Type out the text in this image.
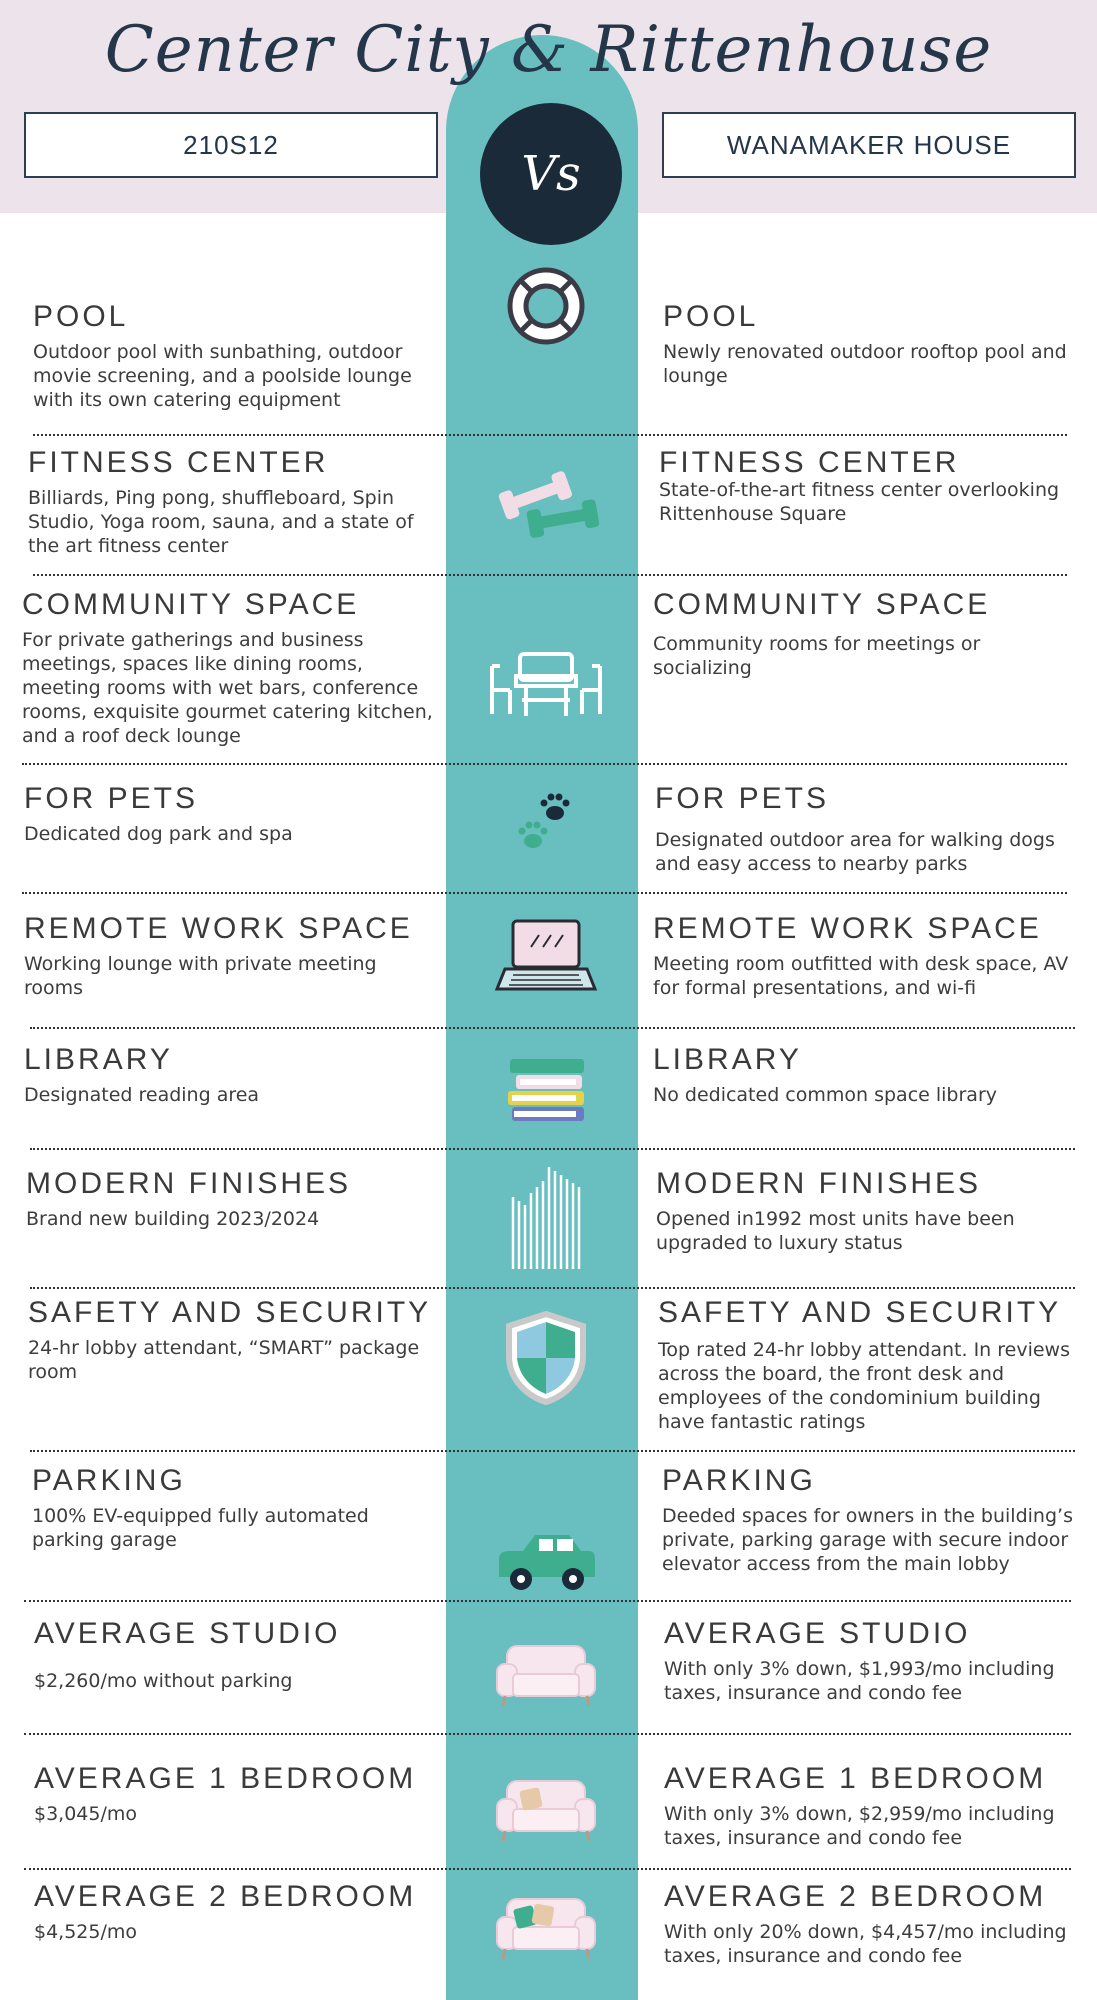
Center City & Rittenhouse
210S12	WANAMAKER HOUSE
Vs
POOL
Outdoor pool with sunbathing, outdoor movie screening, and a poolside lounge with its own catering equipment
POOL
Newly renovated outdoor rooftop pool and lounge
FITNESS CENTER
Billiards, Ping pong, shuffleboard, Spin Studio, Yoga room, sauna, and a state of the art fitness center
FITNESS CENTER
State-of-the-art fitness center overlooking Rittenhouse Square
COMMUNITY SPACE
For private gatherings and business meetings, spaces like dining rooms, meeting rooms with wet bars, conference rooms, exquisite gourmet catering kitchen, and a roof deck lounge
COMMUNITY SPACE
Community rooms for meetings or socializing
FOR PETS
Dedicated dog park and spa
FOR PETS
Designated outdoor area for walking dogs and easy access to nearby parks
REMOTE WORK SPACE
Working lounge with private meeting rooms
REMOTE WORK SPACE
Meeting room outfitted with desk space, AV for formal presentations, and wi-fi
LIBRARY
Designated reading area
LIBRARY
No dedicated common space library
MODERN FINISHES
Brand new building 2023/2024
MODERN FINISHES
Opened in1992 most units have been upgraded to luxury status
SAFETY AND SECURITY
24-hr lobby attendant, “SMART” package room
SAFETY AND SECURITY
Top rated 24-hr lobby attendant. In reviews across the board, the front desk and employees of the condominium building have fantastic ratings
PARKING
100% EV-equipped fully automated parking garage
PARKING
Deeded spaces for owners in the building’s private, parking garage with secure indoor elevator access from the main lobby
AVERAGE STUDIO
$2,260/mo without parking
AVERAGE STUDIO
With only 3% down, $1,993/mo including taxes, insurance and condo fee
AVERAGE 1 BEDROOM
$3,045/mo
AVERAGE 1 BEDROOM
With only 3% down, $2,959/mo including taxes, insurance and condo fee
AVERAGE 2 BEDROOM
$4,525/mo
AVERAGE 2 BEDROOM
With only 20% down, $4,457/mo including taxes, insurance and condo fee
